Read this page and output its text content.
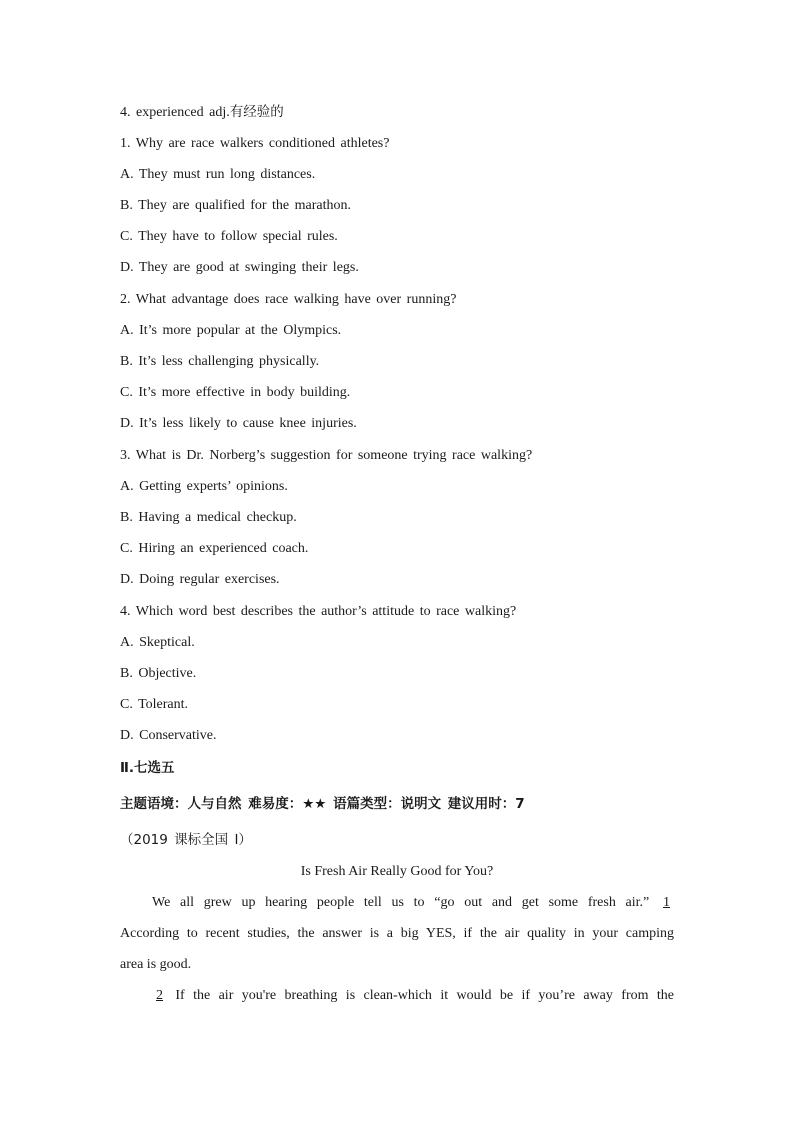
4. experienced adj.有经验的
1. Why are race walkers conditioned athletes?
A. They must run long distances.
B. They are qualified for the marathon.
C. They have to follow special rules.
D. They are good at swinging their legs.
2. What advantage does race walking have over running?
A. It’s more popular at the Olympics.
B. It’s less challenging physically.
C. It’s more effective in body building.
D. It’s less likely to cause knee injuries.
3. What is Dr. Norberg’s suggestion for someone trying race walking?
A. Getting experts’ opinions.
B. Having a medical checkup.
C. Hiring an experienced coach.
D. Doing regular exercises.
4. Which word best describes the author’s attitude to race walking?
A. Skeptical.
B. Objective.
C. Tolerant.
D. Conservative.
Ⅱ.七选五
主题语境：人与自然 难易度：★★ 语篇类型：说明文 建议用时：7
（2019 课标全国 I）
Is Fresh Air Really Good for You?
We all grew up hearing people tell us to “go out and get some fresh air.” 1
According to recent studies, the answer is a big YES, if the air quality in your camping
area is good.
2 If the air you're breathing is clean-which it would be if you’re away from the
